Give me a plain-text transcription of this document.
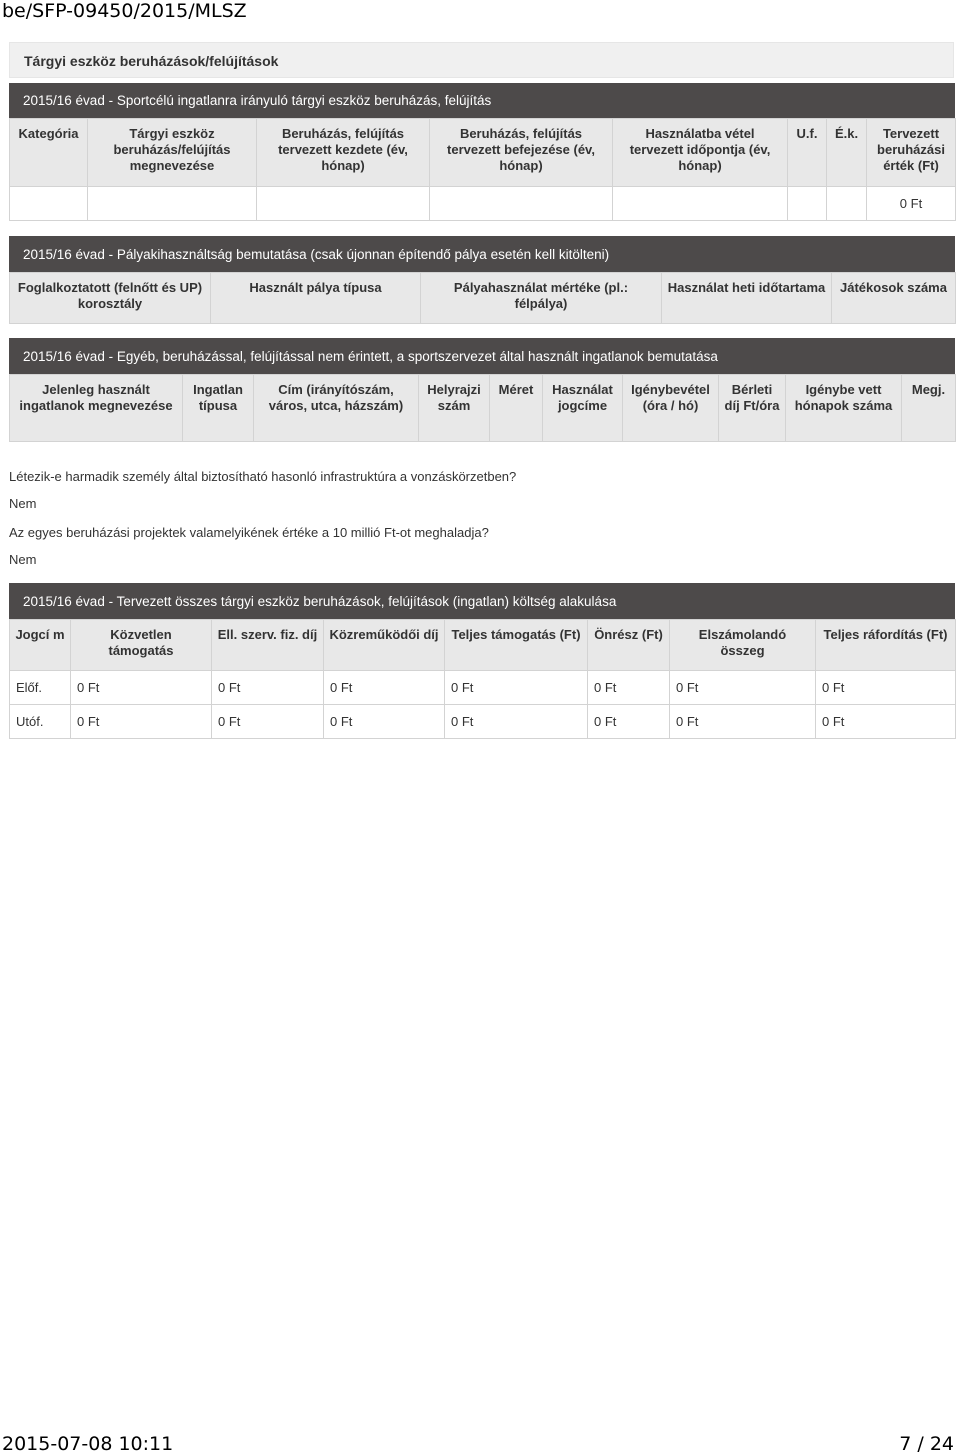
be/SFP-09450/2015/MLSZ
Tárgyi eszköz beruházások/felújítások
2015/16 évad - Sportcélú ingatlanra irányuló tárgyi eszköz beruházás, felújítás
Kategória	Tárgyi eszköz beruházás/felújítás megnevezése	Beruházás, felújítás tervezett kezdete (év, hónap)	Beruházás, felújítás tervezett befejezése (év, hónap)	Használatba vétel tervezett időpontja (év, hónap)	U.f.	É.k.	Tervezett beruházási érték (Ft)
							0 Ft
2015/16 évad - Pályakihasználtság bemutatása (csak újonnan építendő pálya esetén kell kitölteni)
Foglalkoztatott (felnőtt és UP) korosztály	Használt pálya típusa	Pályahasználat mértéke (pl.: félpálya)	Használat heti időtartama	Játékosok száma
2015/16 évad - Egyéb, beruházással, felújítással nem érintett, a sportszervezet által használt ingatlanok bemutatása
Jelenleg használt ingatlanok megnevezése	Ingatlan típusa	Cím (irányítószám, város, utca, házszám)	Helyrajzi szám	Méret	Használat jogcíme	Igénybevétel (óra / hó)	Bérleti díj Ft/óra	Igénybe vett hónapok száma	Megj.
Létezik-e harmadik személy által biztosítható hasonló infrastruktúra a vonzáskörzetben?
Nem
Az egyes beruházási projektek valamelyikének értéke a 10 millió Ft-ot meghaladja?
Nem
2015/16 évad - Tervezett összes tárgyi eszköz beruházások, felújítások (ingatlan) költség alakulása
Jogcí m	Közvetlen támogatás	Ell. szerv. fiz. díj	Közreműködői díj	Teljes támogatás (Ft)	Önrész (Ft)	Elszámolandó összeg	Teljes ráfordítás (Ft)
Előf.	0 Ft	0 Ft	0 Ft	0 Ft	0 Ft	0 Ft	0 Ft
Utóf.	0 Ft	0 Ft	0 Ft	0 Ft	0 Ft	0 Ft	0 Ft
2015-07-08 10:11	7 / 24
